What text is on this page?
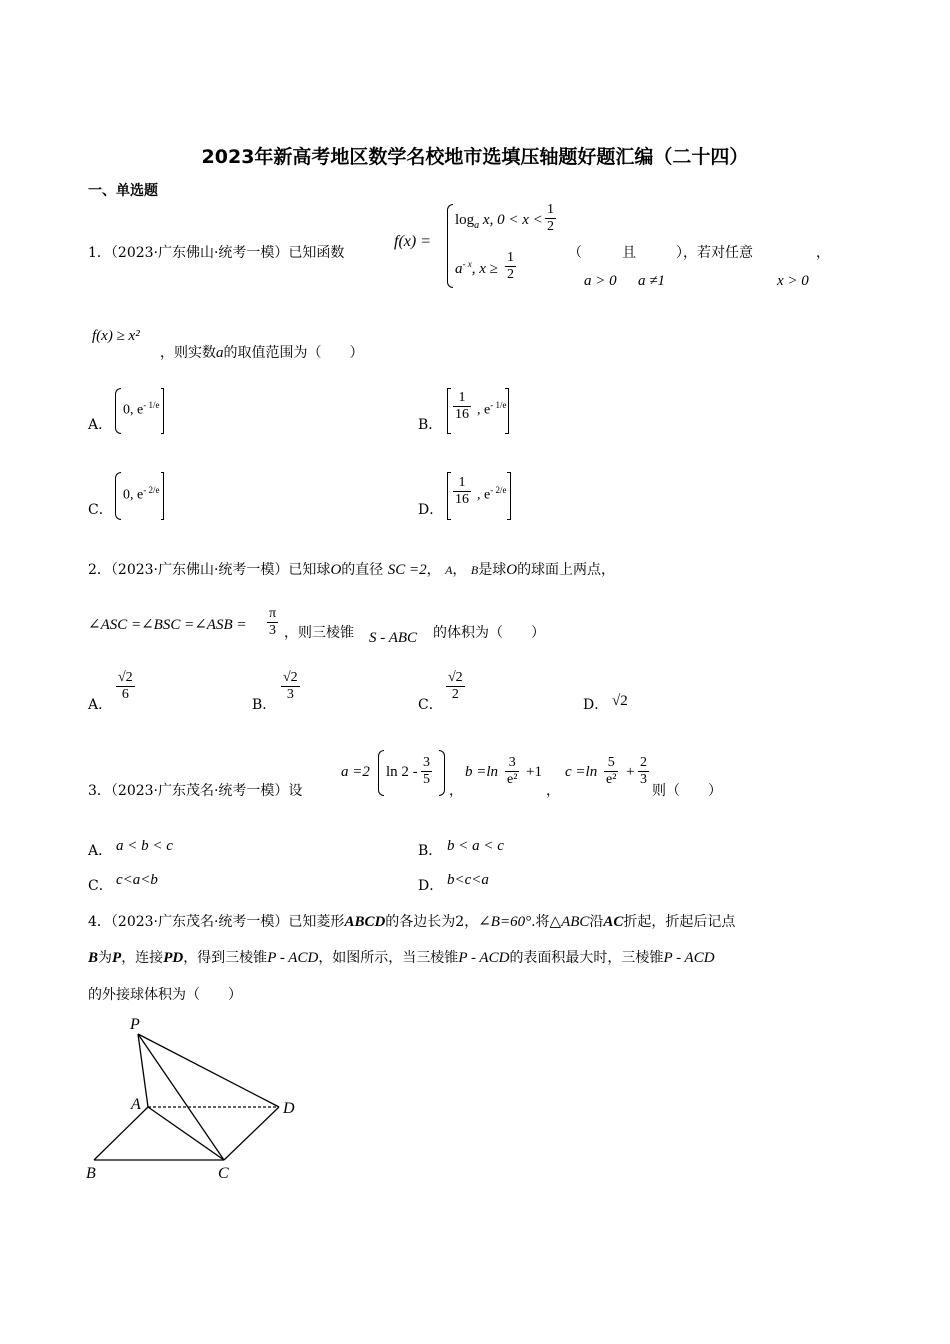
2023年新高考地区数学名校地市选填压轴题好题汇编（二十四）
一、单选题
1．（2023·广东佛山·统考一模）已知函数
f(x) =
$\log_a x$, $0 < x < \frac{1}{2}$
$a^{- x}$, $x \ge \frac{1}{2}$	（	且	），若对任意	，
a > 0 a ≠1	x > 0
f(x) ≥ x²
，则实数a的取值范围为（　　）
A．
0, $e^{- 1/e}$
B．
$\frac{1}{16}$ , $e^{- 1/e}$
C．
0, $e^{- 2/e}$
D．
$\frac{1}{16}$ , $e^{- 2/e}$
2．（2023·广东佛山·统考一模）已知球O的直径 SC =2， A， B是球O的球面上两点，
∠ASC =∠BSC =∠ASB = $\frac{\pi}{3}$ ，则三棱锥 S - ABC 的体积为（　　）
A．
$\frac{√2}{6}$
B．
$\frac{√2}{3}$
C．
$\frac{√2}{2}$
D． √2
3．（2023·广东茂名·统考一模）设
a =2 $\ln 2 - \frac{3}{5}$
，
$b =\ln \frac{3}{\text{e²}} +1$
，
$c =\ln \frac{5}{\text{e²}} + \frac{2}{3}$
则（　　）
A． a < b < c	B． b < a < c
C． c<a<b	D． b<c<a
4．（2023·广东茂名·统考一模）已知菱形ABCD的各边长为2，∠B=60°.将△ABC沿AC折起，折起后记点
B为P，连接PD，得到三棱锥P - ACD，如图所示，当三棱锥P - ACD的表面积最大时，三棱锥P - ACD
的外接球体积为（　　）
P
A	D
B	C
